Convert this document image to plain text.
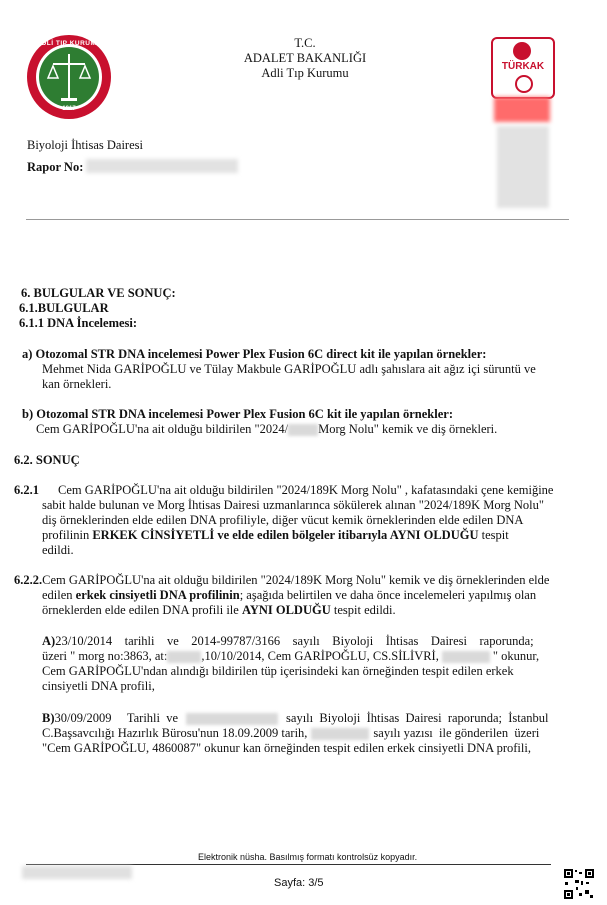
ADLİ TIP KURUMU
1917
T.C.
ADALET BAKANLIĞI
Adli Tıp Kurumu	TÜRKAK
Biyoloji İhtisas Dairesi
Rapor No:
6. BULGULAR VE SONUÇ:
6.1.BULGULAR
6.1.1 DNA İncelemesi:
a) Otozomal STR DNA incelemesi Power Plex Fusion 6C direct kit ile yapılan örnekler:
Mehmet Nida GARİPOĞLU ve Tülay Makbule GARİPOĞLU adlı şahıslara ait ağız içi süruntü ve
kan örnekleri.
b) Otozomal STR DNA incelemesi Power Plex Fusion 6C kit ile yapılan örnekler:
Cem GARİPOĞLU'na ait olduğu bildirilen "2024/ Morg Nolu" kemik ve diş örnekleri.
6.2. SONUÇ
6.2.1 Cem GARİPOĞLU'na ait olduğu bildirilen "2024/189K Morg Nolu" , kafatasındaki çene kemiğine
sabit halde bulunan ve Morg İhtisas Dairesi uzmanlarınca sökülerek alınan "2024/189K Morg Nolu"
diş örneklerinden elde edilen DNA profiliyle, diğer vücut kemik örneklerinden elde edilen DNA
profilinin ERKEK CİNSİYETLİ ve elde edilen bölgeler itibarıyla AYNI OLDUĞU tespit
edildi.
6.2.2.Cem GARİPOĞLU'na ait olduğu bildirilen "2024/189K Morg Nolu" kemik ve diş örneklerinden elde
edilen erkek cinsiyetli DNA profilinin; aşağıda belirtilen ve daha önce incelemeleri yapılmış olan
örneklerden elde edilen DNA profili ile AYNI OLDUĞU tespit edildi.
A)23/10/2014    tarihli    ve    2014-99787/3166    sayılı    Biyoloji    İhtisas    Dairesi    raporunda;
üzeri " morg no:3863, at:	,10/10/2014, Cem GARİPOĞLU, CS.SİLİVRİ,	" okunur,
Cem GARİPOĞLU'ndan alındığı bildirilen tüp içerisindeki kan örneğinden tespit edilen erkek
cinsiyetli DNA profili,
B)30/09/2009     Tarihli  ve	sayılı  Biyoloji  İhtisas  Dairesi  raporunda;  İstanbul
C.Başsavcılığı Hazırlık Bürosu'nun 18.09.2009 tarih,	sayılı yazısı  ile gönderilen  üzeri
"Cem GARİPOĞLU, 4860087" okunur kan örneğinden tespit edilen erkek cinsiyetli DNA profili,
Elektronik nüsha. Basılmış formatı kontrolsüz kopyadır.
Sayfa: 3/5
